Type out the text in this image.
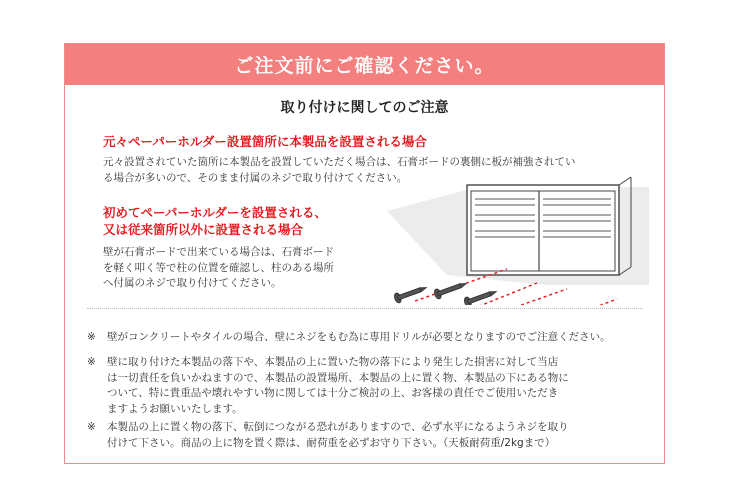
ご注文前にご確認ください。
取り付けに関してのご注意
元々ペーパーホルダー設置箇所に本製品を設置される場合
元々設置されていた箇所に本製品を設置していただく場合は、石膏ボードの裏側に板が補強されてい
る場合が多いので、そのまま付属のネジで取り付けてください。
初めてペーパーホルダーを設置される、
又は従来箇所以外に設置される場合
壁が石膏ボードで出来ている場合は、石膏ボード
を軽く叩く等で柱の位置を確認し、柱のある場所
へ付属のネジで取り付けてください。
※	壁がコンクリートやタイルの場合、壁にネジをもむ為に専用ドリルが必要となりますのでご注意ください。
※	壁に取り付けた本製品の落下や、本製品の上に置いた物の落下により発生した損害に対して当店
は一切責任を負いかねますので、本製品の設置場所、本製品の上に置く物、本製品の下にある物に
ついて、特に貴重品や壊れやすい物に関しては十分ご検討の上、お客様の責任でご使用いただき
ますようお願いいたします。
※	本製品の上に置く物の落下、転倒につながる恐れがありますので、必ず水平になるようネジを取り
付けて下さい。商品の上に物を置く際は、耐荷重を必ずお守り下さい。（天板耐荷重/2kgまで）
